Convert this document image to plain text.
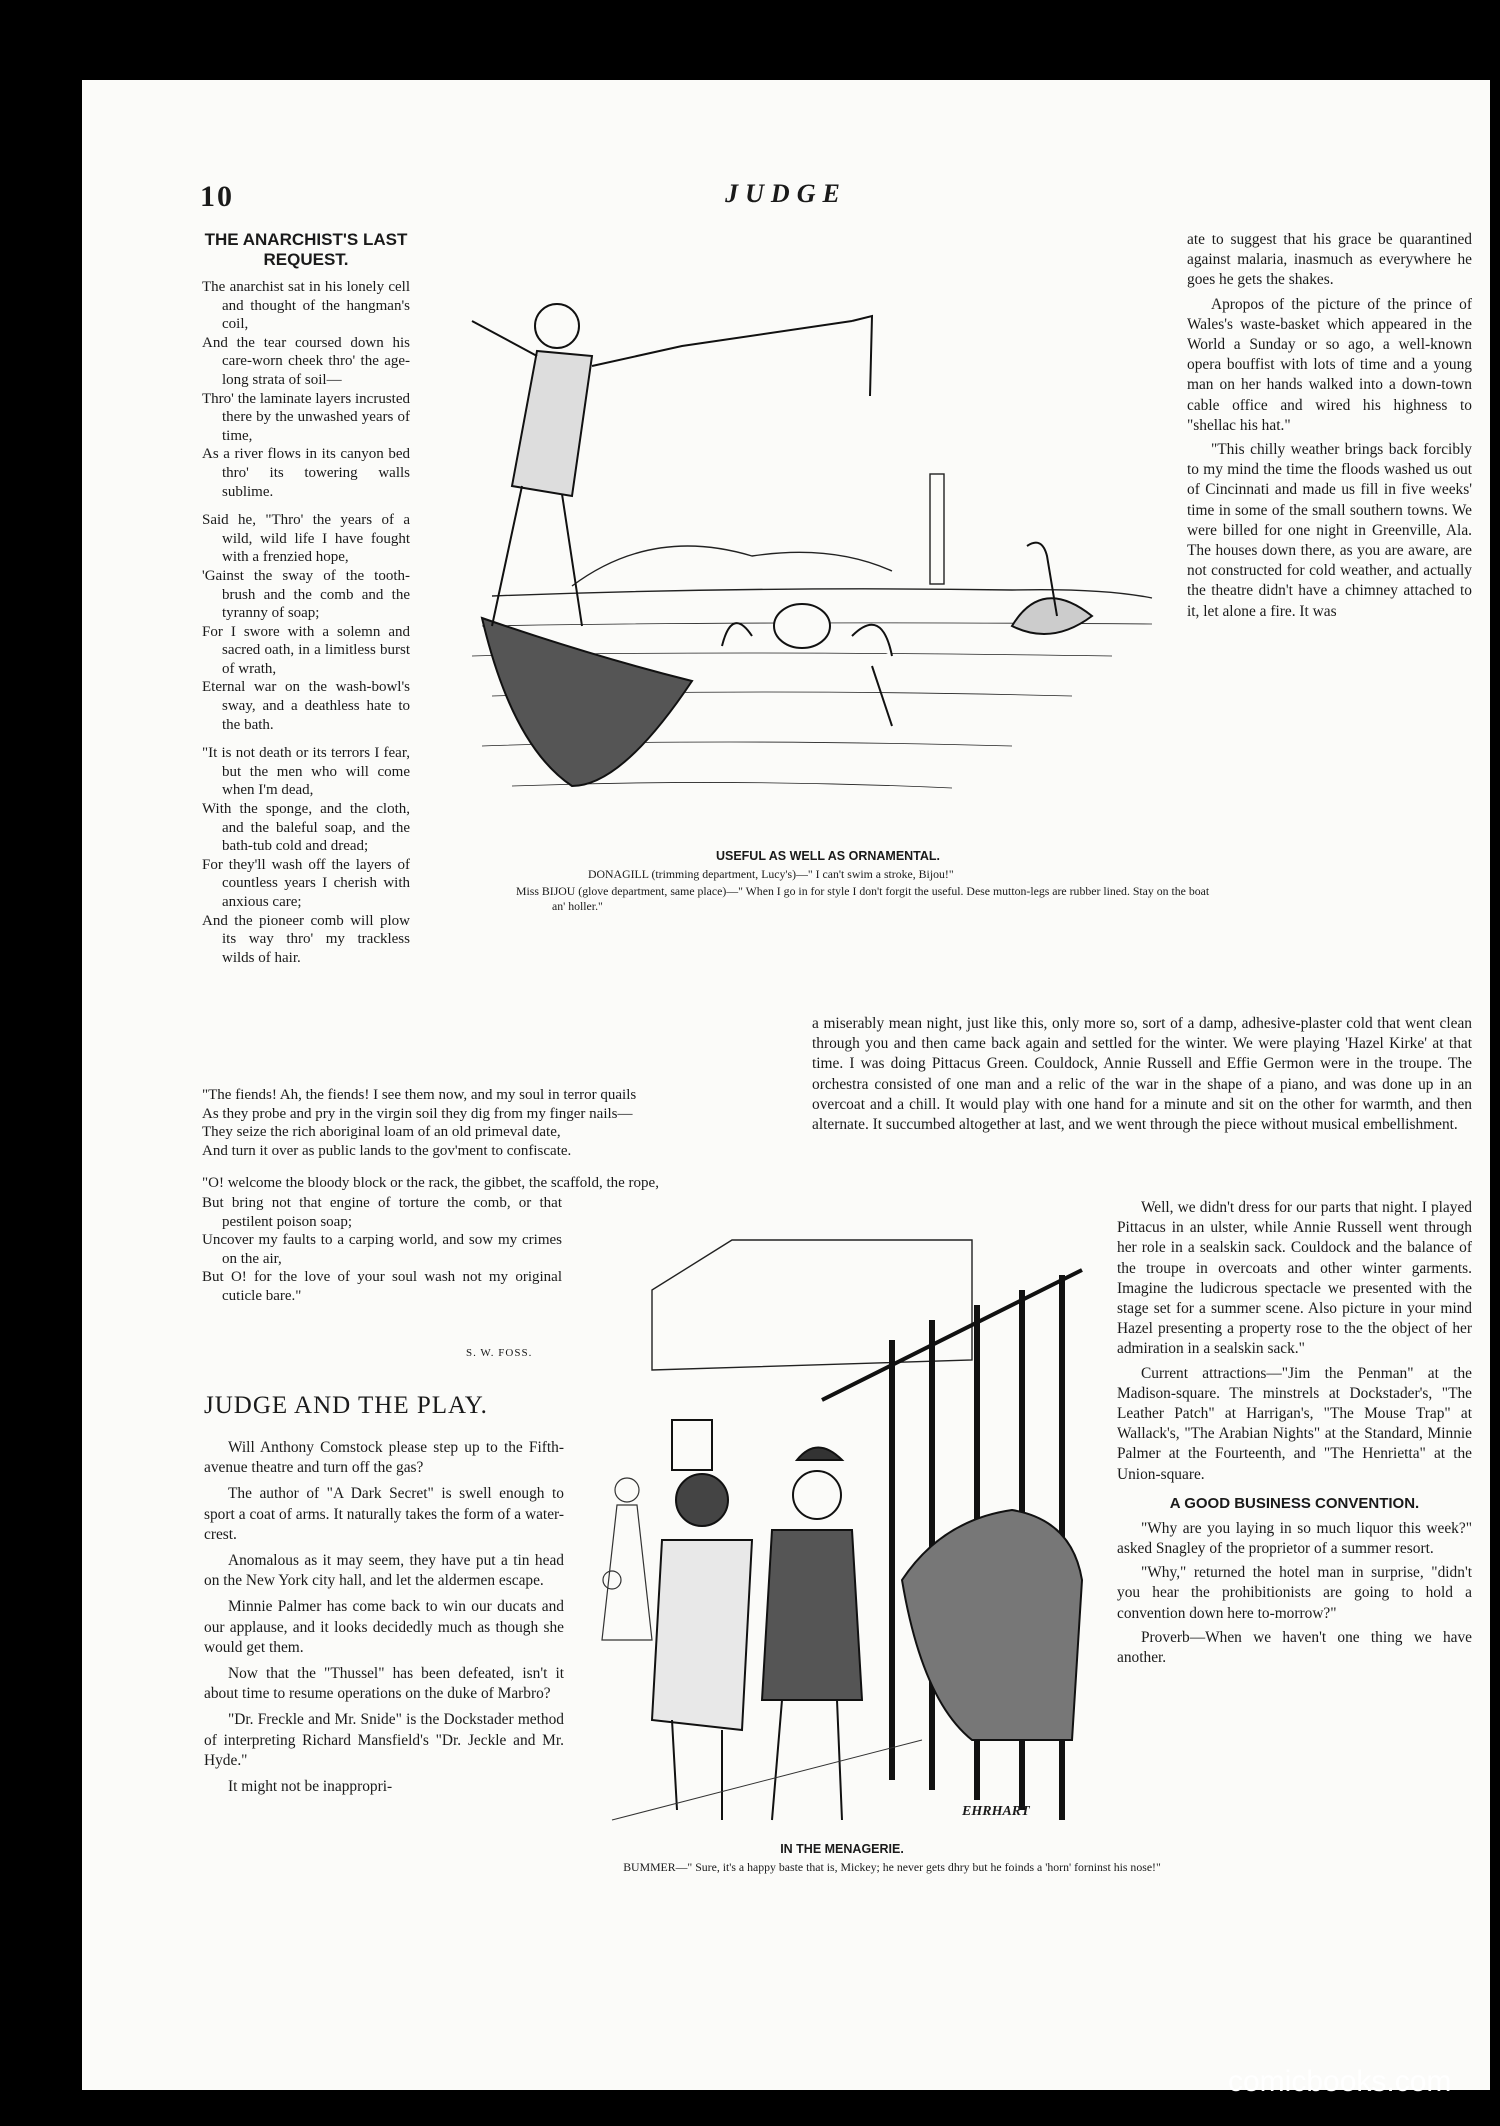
10	JUDGE
THE ANARCHIST'S LAST REQUEST.

The anarchist sat in his lonely cell and thought of the hangman's coil,

And the tear coursed down his care-worn cheek thro' the age-long strata of soil—

Thro' the laminate layers incrusted there by the unwashed years of time,

As a river flows in its canyon bed thro' its towering walls sublime.

Said he, "Thro' the years of a wild, wild life I have fought with a frenzied hope,

'Gainst the sway of the tooth-brush and the comb and the tyranny of soap;

For I swore with a solemn and sacred oath, in a limitless burst of wrath,

Eternal war on the wash-bowl's sway, and a deathless hate to the bath.

"It is not death or its terrors I fear, but the men who will come when I'm dead,

With the sponge, and the cloth, and the baleful soap, and the bath-tub cold and dread;

For they'll wash off the layers of countless years I cherish with anxious care;

And the pioneer comb will plow its way thro' my trackless wilds of hair.

"The fiends! Ah, the fiends! I see them now, and my soul in terror quails

As they probe and pry in the virgin soil they dig from my finger nails—

They seize the rich aboriginal loam of an old primeval date,

And turn it over as public lands to the gov'ment to confiscate.

"O! welcome the bloody block or the rack, the gibbet, the scaffold, the rope,

But bring not that engine of torture the comb, or that pestilent poison soap;

Uncover my faults to a carping world, and sow my crimes on the air,

But O! for the love of your soul wash not my original cuticle bare."

S. W. FOSS.
USEFUL AS WELL AS ORNAMENTAL.
DONAGILL (trimming department, Lucy's)—" I can't swim a stroke, Bijou!"
Miss BIJOU (glove department, same place)—" When I go in for style I don't forgit the useful. Dese mutton-legs are rubber lined. Stay on the boat an' holler."

ate to suggest that his grace be quarantined against malaria, inasmuch as everywhere he goes he gets the shakes.

Apropos of the picture of the prince of Wales's waste-basket which appeared in the World a Sunday or so ago, a well-known opera bouffist with lots of time and a young man on her hands walked into a down-town cable office and wired his highness to "shellac his hat."

"This chilly weather brings back forcibly to my mind the time the floods washed us out of Cincinnati and made us fill in five weeks' time in some of the small southern towns. We were billed for one night in Greenville, Ala. The houses down there, as you are aware, are not constructed for cold weather, and actually the theatre didn't have a chimney attached to it, let alone a fire. It was

a miserably mean night, just like this, only more so, sort of a damp, adhesive-plaster cold that went clean through you and then came back again and settled for the winter. We were playing 'Hazel Kirke' at that time. I was doing Pittacus Green. Couldock, Annie Russell and Effie Germon were in the troupe. The orchestra consisted of one man and a relic of the war in the shape of a piano, and was done up in an overcoat and a chill. It would play with one hand for a minute and sit on the other for warmth, and then alternate. It succumbed altogether at last, and we went through the piece without musical embellishment.

Well, we didn't dress for our parts that night. I played Pittacus in an ulster, while Annie Russell went through her role in a sealskin sack. Couldock and the balance of the troupe in overcoats and other winter garments. Imagine the ludicrous spectacle we presented with the stage set for a summer scene. Also picture in your mind Hazel presenting a property rose to the the object of her admiration in a sealskin sack."

Current attractions—"Jim the Penman" at the Madison-square. The minstrels at Dockstader's, "The Leather Patch" at Harrigan's, "The Mouse Trap" at Wallack's, "The Arabian Nights" at the Standard, Minnie Palmer at the Fourteenth, and "The Henrietta" at the Union-square.

A GOOD BUSINESS CONVENTION.

"Why are you laying in so much liquor this week?" asked Snagley of the proprietor of a summer resort.

"Why," returned the hotel man in surprise, "didn't you hear the prohibitionists are going to hold a convention down here to-morrow?"

Proverb—When we haven't one thing we have another.

JUDGE AND THE PLAY.

Will Anthony Comstock please step up to the Fifth-avenue theatre and turn off the gas?

The author of "A Dark Secret" is swell enough to sport a coat of arms. It naturally takes the form of a water-crest.

Anomalous as it may seem, they have put a tin head on the New York city hall, and let the aldermen escape.

Minnie Palmer has come back to win our ducats and our applause, and it looks decidedly much as though she would get them.

Now that the "Thussel" has been defeated, isn't it about time to resume operations on the duke of Marbro?

"Dr. Freckle and Mr. Snide" is the Dockstader method of interpreting Richard Mansfield's "Dr. Jeckle and Mr. Hyde."

It might not be inappropri-

EHRHART
IN THE MENAGERIE.
BUMMER—" Sure, it's a happy baste that is, Mickey; he never gets dhry but he foinds a 'horn' forninst his nose!"
comicbooks.com
